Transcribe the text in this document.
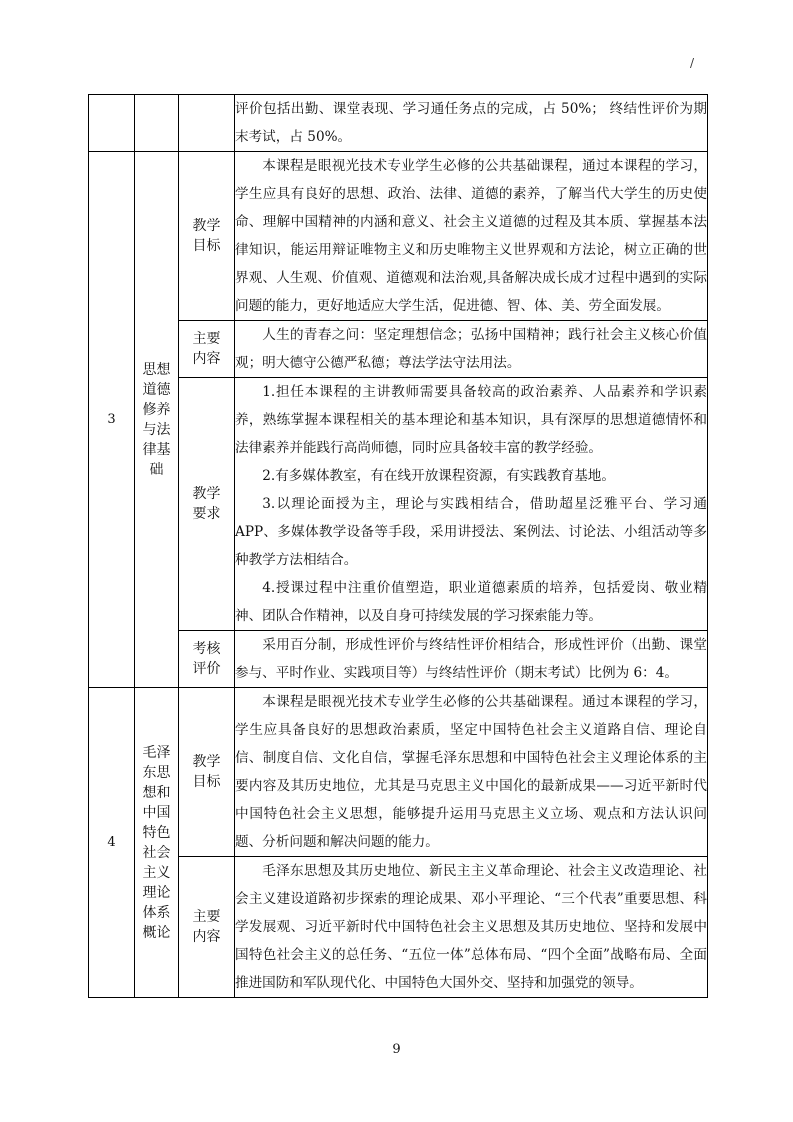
/

			评价包括出勤、课堂表现、学习通任务点的完成，占 50%； 终结性评价为期末考试，占 50%。

3	思想道德修养与法律基础	教学目标	本课程是眼视光技术专业学生必修的公共基础课程，通过本课程的学习，学生应具有良好的思想、政治、法律、道德的素养，了解当代大学生的历史使命、理解中国精神的内涵和意义、社会主义道德的过程及其本质、掌握基本法律知识，能运用辩证唯物主义和历史唯物主义世界观和方法论，树立正确的世界观、人生观、价值观、道德观和法治观,具备解决成长成才过程中遇到的实际问题的能力，更好地适应大学生活，促进德、智、体、美、劳全面发展。

		主要内容	人生的青春之问：坚定理想信念；弘扬中国精神；践行社会主义核心价值观；明大德守公德严私德；尊法学法守法用法。

		教学要求	1.担任本课程的主讲教师需要具备较高的政治素养、人品素养和学识素养，熟练掌握本课程相关的基本理论和基本知识，具有深厚的思想道德情怀和法律素养并能践行高尚师德，同时应具备较丰富的教学经验。

2.有多媒体教室，有在线开放课程资源，有实践教育基地。

3.以理论面授为主，理论与实践相结合，借助超星泛雅平台、学习通APP、多媒体教学设备等手段，采用讲授法、案例法、讨论法、小组活动等多种教学方法相结合。

4.授课过程中注重价值塑造，职业道德素质的培养，包括爱岗、敬业精神、团队合作精神，以及自身可持续发展的学习探索能力等。

		考核评价	采用百分制，形成性评价与终结性评价相结合，形成性评价（出勤、课堂参与、平时作业、实践项目等）与终结性评价（期末考试）比例为 6：4。

4	毛泽东思想和中国特色社会主义理论体系概论	教学目标	本课程是眼视光技术专业学生必修的公共基础课程。通过本课程的学习，学生应具备良好的思想政治素质，坚定中国特色社会主义道路自信、理论自信、制度自信、文化自信，掌握毛泽东思想和中国特色社会主义理论体系的主要内容及其历史地位，尤其是马克思主义中国化的最新成果——习近平新时代中国特色社会主义思想，能够提升运用马克思主义立场、观点和方法认识问题、分析问题和解决问题的能力。

		主要内容	毛泽东思想及其历史地位、新民主主义革命理论、社会主义改造理论、社会主义建设道路初步探索的理论成果、邓小平理论、“三个代表”重要思想、科学发展观、习近平新时代中国特色社会主义思想及其历史地位、坚持和发展中国特色社会主义的总任务、“五位一体”总体布局、“四个全面”战略布局、全面推进国防和军队现代化、中国特色大国外交、坚持和加强党的领导。

9
